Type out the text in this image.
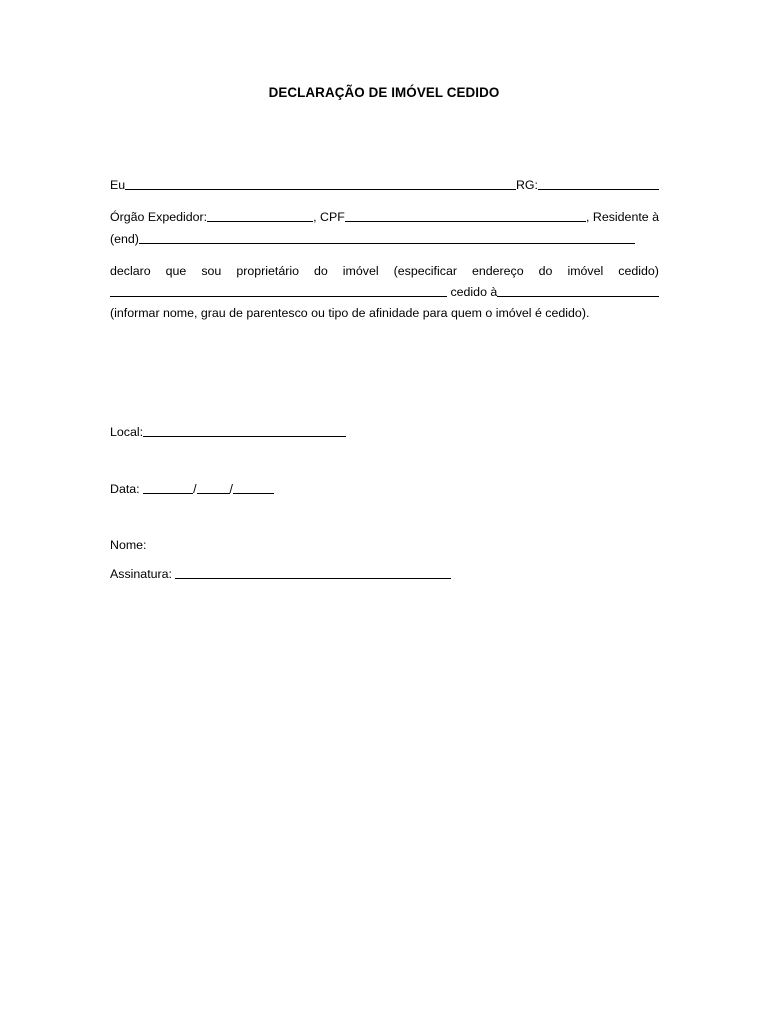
DECLARAÇÃO DE IMÓVEL CEDIDO
Eu	RG:
Órgão Expedidor:	, CPF	, Residente à
(end)
declaro que sou proprietário do imóvel (especificar endereço do imóvel cedido)
cedido à
(informar nome, grau de parentesco ou tipo de afinidade para quem o imóvel é cedido).
Local:
Data:	/	/
Nome:
Assinatura:
